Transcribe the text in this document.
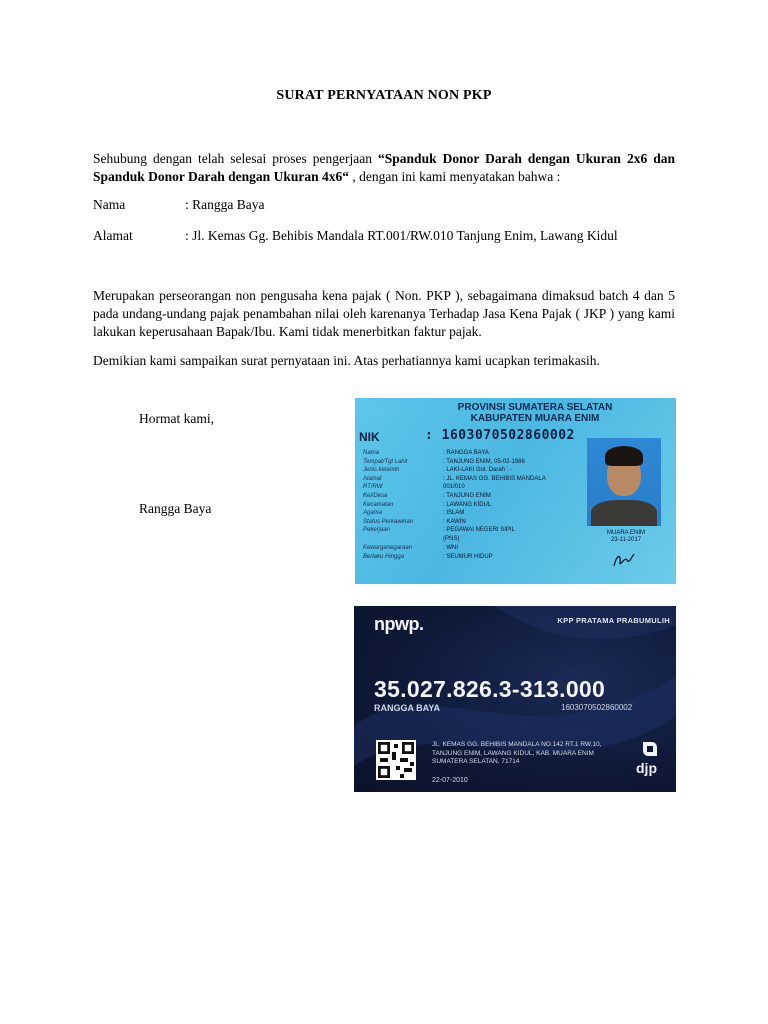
SURAT PERNYATAAN NON PKP
Sehubung dengan telah selesai proses pengerjaan “Spanduk Donor Darah dengan Ukuran 2x6 dan Spanduk Donor Darah dengan Ukuran 4x6“ , dengan ini kami menyatakan bahwa :
Nama	: Rangga Baya
Alamat	: Jl. Kemas Gg. Behibis Mandala RT.001/RW.010 Tanjung Enim, Lawang Kidul
Merupakan perseorangan non pengusaha kena pajak ( Non. PKP ), sebagaimana dimaksud batch 4 dan 5 pada undang-undang pajak penambahan nilai oleh karenanya Terhadap Jasa Kena Pajak ( JKP ) yang kami lakukan keperusahaan Bapak/Ibu. Kami tidak menerbitkan faktur pajak.
Demikian kami sampaikan surat pernyataan ini. Atas perhatiannya kami ucapkan terimakasih.
Hormat kami,
Rangga Baya
PROVINSI SUMATERA SELATAN
KABUPATEN MUARA ENIM
NIK	: 1603070502860002
Nama	: RANGGA BAYA
Tempat/Tgl Lahir	: TANJUNG ENIM, 05-02-1986
Jenis kelamin	: LAKI-LAKI Gol. Darah : -
Alamat	: JL. KEMAS GG. BEHIBIS MANDALA
RT/RW	001/010
Kel/Desa	: TANJUNG ENIM
Kecamatan	: LAWANG KIDUL
Agama	: ISLAM
Status Perkawinan	: KAWIN
Pekerjaan	: PEGAWAI NEGERI SIPIL
(PNS)
Kewarganegaraan	: WNI
Berlaku Hingga	: SEUMUR HIDUP
MUARA ENIM
23-11-2017
npwp.	KPP PRATAMA PRABUMULIH
35.027.826.3-313.000
RANGGA BAYA	1603070502860002
JL. KEMAS GG. BEHIBIS MANDALA NO.142 RT.1 RW.10,
TANJUNG ENIM, LAWANG KIDUL, KAB. MUARA ENIM
SUMATERA SELATAN, 71714
22-07-2010
djp
